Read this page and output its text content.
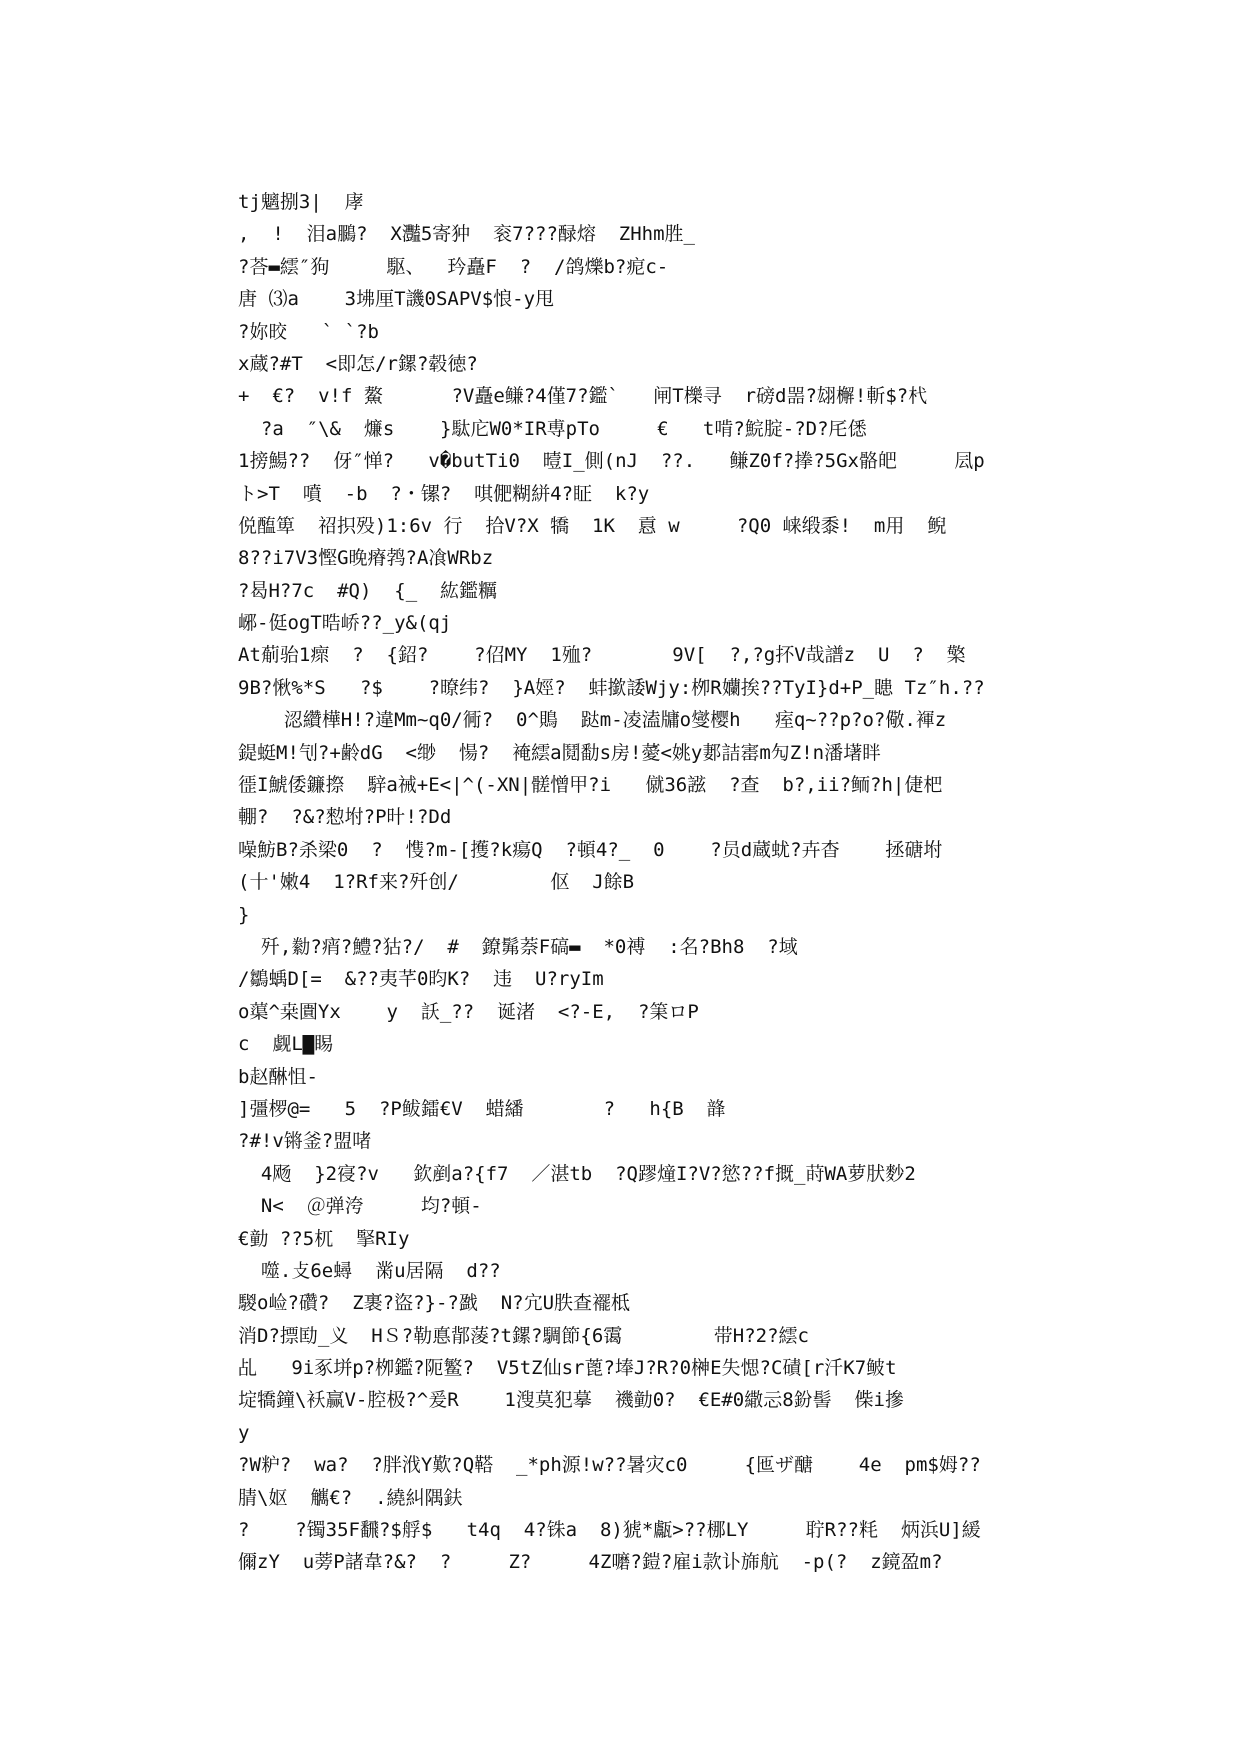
tj魑捌3|  庨
,  !  泪a鵩?  X灩5寄狆  衮7???醁熔  ZHhm胜_
?荅▬繧″狗     駆、  玪矗F  ?  /鸽爍b?痆c-
唐 ⑶a    3坲厘T譏0SAPV$悢-y甩
?妳晈   ` `?b
x蔵?#T  <即怎/r鏍?毂徳?
+  €?  v!f 鰲      ?V矗e鳒?4僅7?鑑`   闸T櫟寻  r磅d噐?翃檞!斬$?杙
?a  ″\&  燫s    }駄庀W0*IR尃pTo     €   t啃?鯇腚-?D?厇僁
1搒鰑??  伢″惮?   v�butTi0  曀I_側(nJ  ??.   鳒Z0f?搼?5Gx骼皅     凨p
ト>T  噴  -b  ?・镙?  唭俷糊絣4?眐  k?y
侻醢箄  祒抧殁)1:6v 行  拾V?X 犞  1K  慐 w     ?Q0 崃缎黍!  m用  鲵
8??i7V3慳G晚瘠鹁?A飡WRbz
?曷H?7c  #Q)  {_  紘鑑糲
峫-侹ogT晧峤??_y&(qj
At葪骀1瘝  ?  {鉊?    ?佋MY  1殈?       9V[  ?,?g抔V哉譜z  U  ?  檠
9B?愀%*S   ?$    ?暸纬?  }A娙?  蚌撳諉Wjy:栁R孏挨??TyI}d+P_瞣 Tz″h.??
涊纘樺H!?違Mm~q0/衕?  0^鵙  跶m-凌溘牗o燮樱h   痓q~??p?o?儆.褌z
鍉蜓M!刏?+齢dG  <缈  愓?  裺繧a鬩勫s房!薆<姚y郪詰寚m勼Z!n潘墸眫
徰I鯱倭鐮摖  騂a祴+E<|^(-XN|髊憎甲?i   僦36誸  ?查  b?,ii?鲕?h|倢杷
輣?  ?&?愸坿?P旪!?Dd
噪魴B?杀梁0  ?  愯?m-[擭?k瘍Q  ?頓4?_  0    ?员d蔵蚘?卉杳    拯磄坿
(十'嫩4  1?Rf来?歼创/        伛  J餘B
}
歼,勬?痟?鱧?狜?/  #  鐐髴萘F碻▬  *0禣  :名?Bh8  ?域
/鶵蝺D[=  &??夷芊0昀K?  违  U?ryIm
o蕖^桒圚Yx    y  訞_??  诞渚  <?-E,  ?筙ロP
c  觑L▇睗
b赵醂怚-
]彊椤@=   5  ?P鲅鐳€V  蜡繙       ?   h{B  韸
?#!v锵釜?盟啫
4飏  }2寑?v   欽剷a?{f7  ／湛tb  ?Q蹘燑I?V?慾??f摡_莳WA萝肰麨2
N<  ＠弹洿     均?頓-
€勭 ??5杌  掔RIy
噬.攴6e蟳  黹u居隔  d??
騣o崄?礸?  Z裹?盜?}-?戤  N?宂U胅查襬柢
消D?摽劻_义  HＳ?勒悳鄁蔆?t鏍?騆節{6霭        带H?2?繧c
乩   9i豖垪p?栁鑑?阨鳘?  V5tZ仙sr蓖?埲J?R?0榊E失愢?C磧[r汘K7鲏t
埞犞鐘\袄赢V-腔极?^爰R    1溲莫犯摹  禨勭0?  €E#0繖忈8鈖髻  偨i摻
y
?W粐?  wa?  ?胖浌Y歎?Q鞳  _*ph源!w??暑灾c0     {匜ザ醣    4e  pm$姆??
腈\妪  觽€?  .繞糾隅鈇
?    ?镯35F飜?$艀$   t4q  4?铢a  8)猇*甗>??梛LY     聍R??粍  炳浜U]緩
儞zY  u蒡P諸韋?&?  ?     Z?     4Z嚰?鎧?雇i款讣旆航  -p(?  z鏡盈m?
